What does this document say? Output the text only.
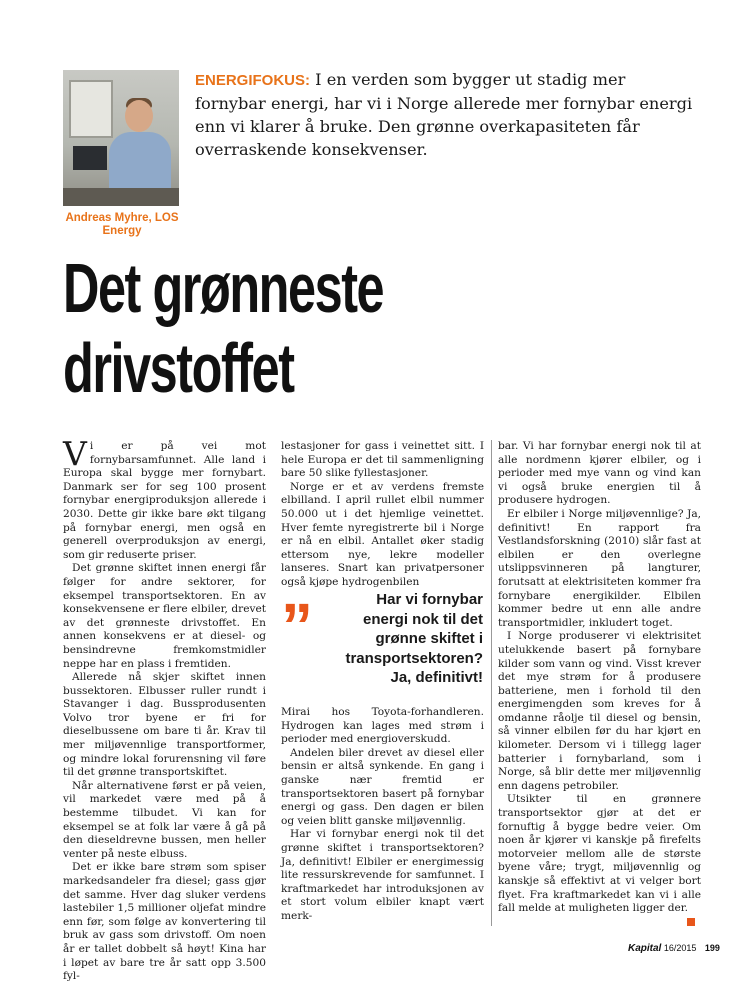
Andreas Myhre, LOS Energy
ENERGIFOKUS: I en verden som bygger ut stadig mer fornybar energi, har vi i Norge allerede mer fornybar energi enn vi klarer å bruke. Den grønne overkapasiteten får overraskende konsekvenser.
Det grønneste
drivstoffet

Vi er på vei mot fornybarsamfunnet. Alle land i Europa skal bygge mer fornybart. Danmark ser for seg 100 prosent fornybar energiproduksjon allerede i 2030. Dette gir ikke bare økt tilgang på fornybar energi, men også en generell overproduksjon av energi, som gir reduserte priser.

Det grønne skiftet innen energi får følger for andre sektorer, for eksempel transportsektoren. En av konsekvensene er flere elbiler, drevet av det grønneste drivstoffet. En annen konsekvens er at diesel- og bensindrevne fremkomstmidler neppe har en plass i fremtiden.

Allerede nå skjer skiftet innen bussektoren. Elbusser ruller rundt i Stavanger i dag. Bussprodusenten Volvo tror byene er fri for dieselbussene om bare ti år. Krav til mer miljøvennlige transportformer, og mindre lokal forurensning vil føre til det grønne transportskiftet.

Når alternativene først er på veien, vil markedet være med på å bestemme tilbudet. Vi kan for eksempel se at folk lar være å gå på den dieseldrevne bussen, men heller venter på neste elbuss.

Det er ikke bare strøm som spiser markedsandeler fra diesel; gass gjør det samme. Hver dag sluker verdens lastebiler 1,5 millioner oljefat mindre enn før, som følge av konvertering til bruk av gass som drivstoff. Om noen år er tallet dobbelt så høyt! Kina har i løpet av bare tre år satt opp 3.500 fyl-

lestasjoner for gass i veinettet sitt. I hele Europa er det til sammenligning bare 50 slike fyllestasjoner.

Norge er et av verdens fremste elbilland. I april rullet elbil nummer 50.000 ut i det hjemlige veinettet. Hver femte nyregistrerte bil i Norge er nå en elbil. Antallet øker stadig ettersom nye, lekre modeller lanseres. Snart kan privatpersoner også kjøpe hydrogenbilen

Mirai hos Toyota-forhandleren. Hydrogen kan lages med strøm i perioder med energioverskudd.

Andelen biler drevet av diesel eller bensin er altså synkende. En gang i ganske nær fremtid er transportsektoren basert på fornybar energi og gass. Den dagen er bilen og veien blitt ganske miljøvennlig.

Har vi fornybar energi nok til det grønne skiftet i transportsektoren? Ja, definitivt! Elbiler er energimessig lite ressurskrevende for samfunnet. I kraftmarkedet har introduksjonen av et stort volum elbiler knapt vært merk-

”	Har vi fornybar energi nok til det grønne skiftet i transportsektoren? Ja, definitivt!

bar. Vi har fornybar energi nok til at alle nordmenn kjører elbiler, og i perioder med mye vann og vind kan vi også bruke energien til å produsere hydrogen.

Er elbiler i Norge miljøvennlige? Ja, definitivt! En rapport fra Vestlandsforskning (2010) slår fast at elbilen er den overlegne utslippsvinneren på langturer, forutsatt at elektrisiteten kommer fra fornybare energikilder. Elbilen kommer bedre ut enn alle andre transportmidler, inkludert toget.

I Norge produserer vi elektrisitet utelukkende basert på fornybare kilder som vann og vind. Visst krever det mye strøm for å produsere batteriene, men i forhold til den energimengden som kreves for å omdanne råolje til diesel og bensin, så vinner elbilen før du har kjørt en kilometer. Dersom vi i tillegg lager batterier i fornybarland, som i Norge, så blir dette mer miljøvennlig enn dagens petrobiler.

Utsikter til en grønnere transportsektor gjør at det er fornuftig å bygge bedre veier. Om noen år kjører vi kanskje på firefelts motorveier mellom alle de største byene våre; trygt, miljøvennlig og kanskje så effektivt at vi velger bort flyet. Fra kraftmarkedet kan vi i alle fall melde at muligheten ligger der.

Kapital 16/2015 199
